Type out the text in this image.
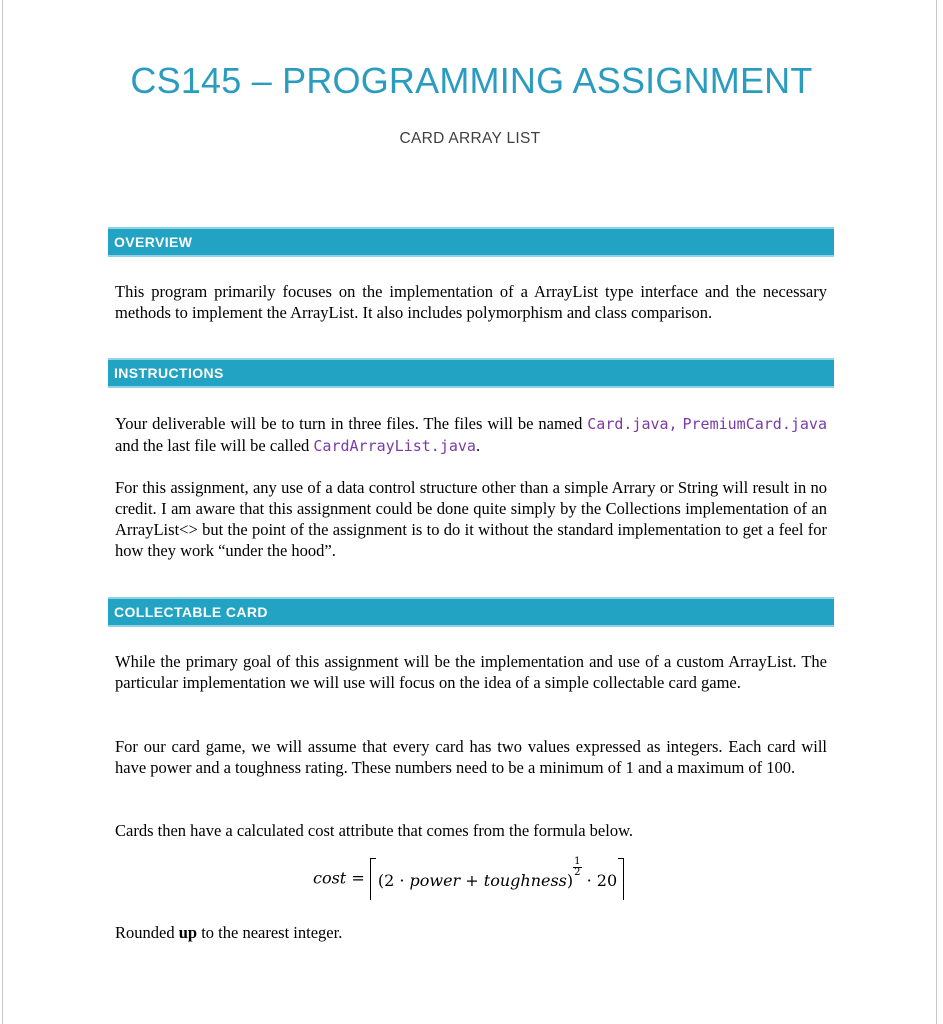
CS145 – PROGRAMMING ASSIGNMENT
CARD ARRAY LIST
OVERVIEW
This program primarily focuses on the implementation of a ArrayList type interface and the necessary methods to implement the ArrayList. It also includes polymorphism and class comparison.
INSTRUCTIONS
Your deliverable will be to turn in three files. The files will be named Card.java, PremiumCard.java and the last file will be called CardArrayList.java.
For this assignment, any use of a data control structure other than a simple Arrary or String will result in no credit. I am aware that this assignment could be done quite simply by the Collections implementation of an ArrayList<> but the point of the assignment is to do it without the standard implementation to get a feel for how they work “under the hood”.
COLLECTABLE CARD
While the primary goal of this assignment will be the implementation and use of a custom ArrayList. The particular implementation we will use will focus on the idea of a simple collectable card game.
For our card game, we will assume that every card has two values expressed as integers. Each card will have power and a toughness rating. These numbers need to be a minimum of 1 and a maximum of 100.
Cards then have a calculated cost attribute that comes from the formula below.
cost = (2 · power + toughness)
$\frac{1}{2}$
· 20
Rounded up to the nearest integer.
